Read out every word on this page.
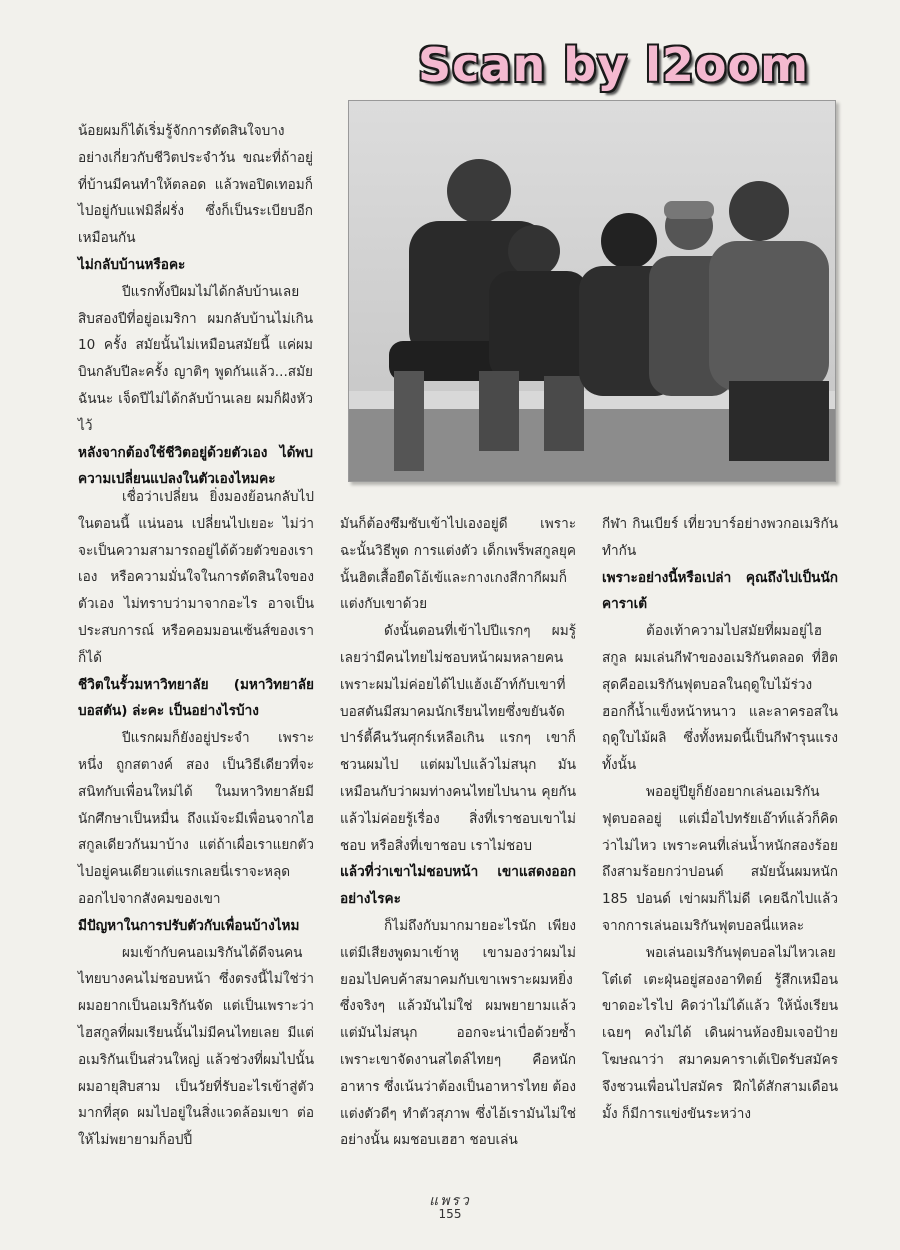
Scan by l2oom

น้อยผมก็ได้เริ่มรู้จักการตัดสินใจบางอย่างเกี่ยวกับชีวิตประจำวัน ขณะที่ถ้าอยู่ที่บ้านมีคนทำให้ตลอด แล้วพอปิดเทอมก็ไปอยู่กับแฟมิลี่ฝรั่ง ซึ่งก็เป็นระเบียบอีกเหมือนกัน

ไม่กลับบ้านหรือคะ

ปีแรกทั้งปีผมไม่ได้กลับบ้านเลย สิบสองปีที่อยู่อเมริกา ผมกลับบ้านไม่เกิน 10 ครั้ง สมัยนั้นไม่เหมือนสมัยนี้ แค่ผมบินกลับปีละครั้ง ญาติๆ พูดกันแล้ว...สมัยฉันนะ เจ็ดปีไม่ได้กลับบ้านเลย ผมก็ฝังหัวไว้

หลังจากต้องใช้ชีวิตอยู่ด้วยตัวเอง ได้พบความเปลี่ยนแปลงในตัวเองไหมคะ

เชื่อว่าเปลี่ยน ยิ่งมองย้อนกลับไปในตอนนี้ แน่นอน เปลี่ยนไปเยอะ ไม่ว่าจะเป็นความสามารถอยู่ได้ด้วยตัวของเราเอง หรือความมั่นใจในการตัดสินใจของตัวเอง ไม่ทราบว่ามาจากอะไร อาจเป็นประสบการณ์ หรือคอมมอนเซ้นส์ของเราก็ได้

ชีวิตในรั้วมหาวิทยาลัย (มหาวิทยาลัยบอสตัน) ล่ะคะ เป็นอย่างไรบ้าง

ปีแรกผมก็ยังอยู่ประจำ เพราะหนึ่ง ถูกสตางค์ สอง เป็นวิธีเดียวที่จะสนิทกับเพื่อนใหม่ได้ ในมหาวิทยาลัยมีนักศึกษาเป็นหมื่น ถึงแม้จะมีเพื่อนจากไฮสกูลเดียวกันมาบ้าง แต่ถ้าเผื่อเราแยกตัวไปอยู่คนเดียวแต่แรกเลยนี่เราจะหลุดออกไปจากสังคมของเขา

มีปัญหาในการปรับตัวกับเพื่อนบ้างไหม

ผมเข้ากับคนอเมริกันได้ดีจนคนไทยบางคนไม่ชอบหน้า ซึ่งตรงนี้ไม่ใช่ว่าผมอยากเป็นอเมริกันจัด แต่เป็นเพราะว่าไฮสกูลที่ผมเรียนนั้นไม่มีคนไทยเลย มีแต่อเมริกันเป็นส่วนใหญ่ แล้วช่วงที่ผมไปนั้น ผมอายุสิบสาม เป็นวัยที่รับอะไรเข้าสู่ตัวมากที่สุด ผมไปอยู่ในสิ่งแวดล้อมเขา ต่อให้ไม่พยายามก็อปปี้

มันก็ต้องซึมซับเข้าไปเองอยู่ดี เพราะฉะนั้นวิธีพูด การแต่งตัว เด็กเพร็พสกูลยุคนั้นฮิตเสื้อยืดโอ้เข้และกางเกงสีกากีผมก็แต่งกับเขาด้วย

ดังนั้นตอนที่เข้าไปปีแรกๆ ผมรู้เลยว่ามีคนไทยไม่ชอบหน้าผมหลายคน เพราะผมไม่ค่อยได้ไปแฮ้งเอ๊าท์กับเขาที่บอสตันมีสมาคมนักเรียนไทยซึ่งขยันจัดปาร์ตี้คืนวันศุกร์เหลือเกิน แรกๆ เขาก็ชวนผมไป แต่ผมไปแล้วไม่สนุก มันเหมือนกับว่าผมท่างคนไทยไปนาน คุยกันแล้วไม่ค่อยรู้เรื่อง สิ่งที่เราชอบเขาไม่ชอบ หรือสิ่งที่เขาชอบ เราไม่ชอบ

แล้วที่ว่าเขาไม่ชอบหน้า เขาแสดงออกอย่างไรคะ

ก็ไม่ถึงกับมากมายอะไรนัก เพียงแต่มีเสียงพูดมาเข้าหู เขามองว่าผมไม่ยอมไปคบค้าสมาคมกับเขาเพราะผมหยิ่ง ซึ่งจริงๆ แล้วมันไม่ใช่ ผมพยายามแล้ว แต่มันไม่สนุก ออกจะน่าเบื่อด้วยซ้ำ เพราะเขาจัดงานสไตล์ไทยๆ คือหนักอาหาร ซึ่งเน้นว่าต้องเป็นอาหารไทย ต้องแต่งตัวดีๆ ทำตัวสุภาพ ซึ่งไอ้เรามันไม่ใช่อย่างนั้น ผมชอบเฮฮา ชอบเล่น

กีฬา กินเบียร์ เที่ยวบาร์อย่างพวกอเมริกันทำกัน

เพราะอย่างนี้หรือเปล่า คุณถึงไปเป็นนักคาราเต้

ต้องเท้าความไปสมัยที่ผมอยู่ไฮสกูล ผมเล่นกีฬาของอเมริกันตลอด ที่ฮิตสุดคืออเมริกันฟุตบอลในฤดูใบไม้ร่วง ฮอกกี้น้ำแข็งหน้าหนาว และลาครอสในฤดูใบไม้ผลิ ซึ่งทั้งหมดนี้เป็นกีฬารุนแรงทั้งนั้น

พออยู่ปียูก็ยังอยากเล่นอเมริกันฟุตบอลอยู่ แต่เมื่อไปทรัยเอ๊าท์แล้วก็คิดว่าไม่ไหว เพราะคนที่เล่นน้ำหนักสองร้อยถึงสามร้อยกว่าปอนด์ สมัยนั้นผมหนัก 185 ปอนด์ เข่าผมก็ไม่ดี เคยฉีกไปแล้วจากการเล่นอเมริกันฟุตบอลนี่แหละ

พอเล่นอเมริกันฟุตบอลไม่ไหวเลยโต๋เต๋ เตะฝุ่นอยู่สองอาทิตย์ รู้สึกเหมือนขาดอะไรไป คิดว่าไม่ได้แล้ว ให้นั่งเรียนเฉยๆ คงไม่ได้ เดินผ่านห้องยิมเจอป้ายโฆษณาว่า สมาคมคาราเต้เปิดรับสมัคร จึงชวนเพื่อนไปสมัคร ฝึกได้สักสามเดือนมั้ง ก็มีการแข่งขันระหว่าง

แพรว
155
